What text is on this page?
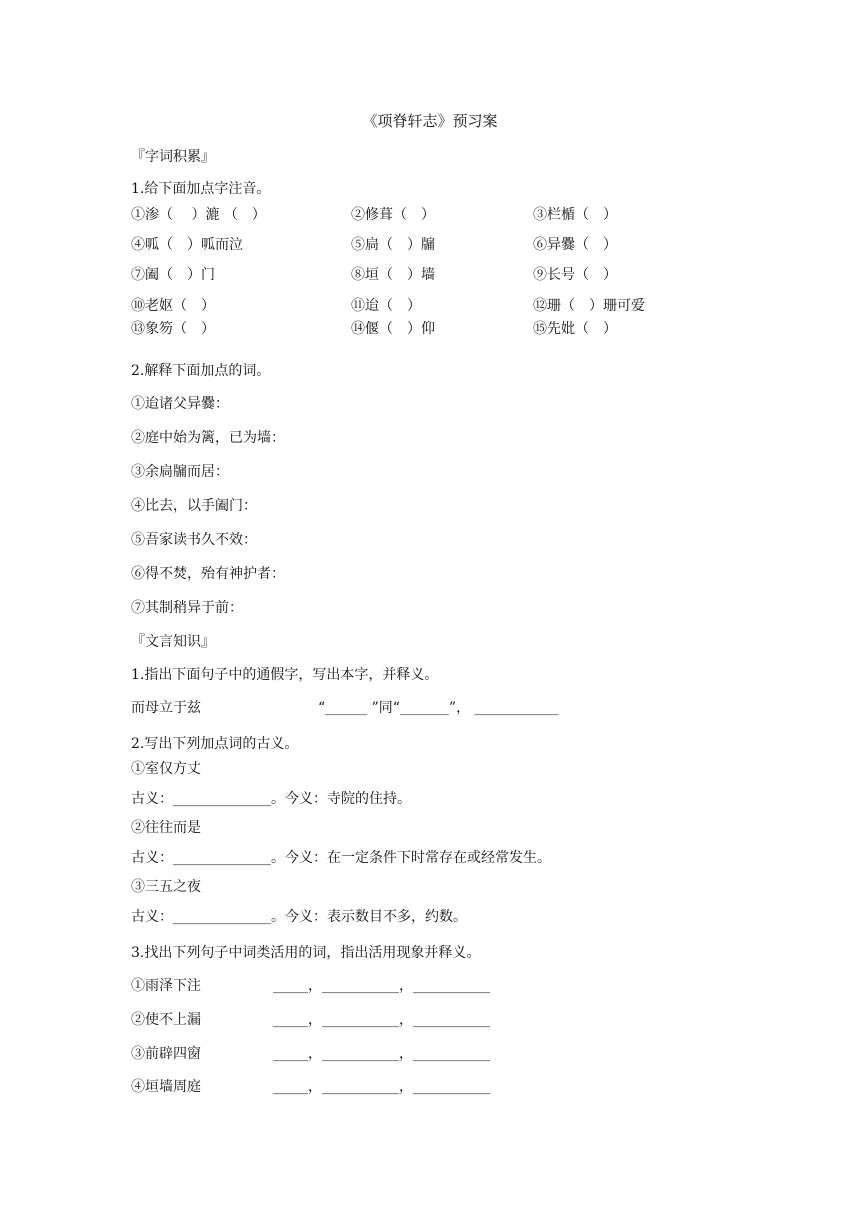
《项脊轩志》预习案
『字词积累』
1.给下面加点字注音。
①渗（　 ）漉 （　）	②修葺（　）	③栏楯（　）
④呱（　）呱而泣	⑤扃（　）牖	⑥异爨（　）
⑦阖（　）门	⑧垣（　）墙	⑨长号（　）
⑩老妪（　）	⑪迨（　）	⑫珊（　）珊可爱
⑬象笏（　）	⑭偃（　）仰	⑮先妣（　）
2.解释下面加点的词。
①迨诸父异爨：
②庭中始为篱，已为墙：
③余扃牖而居：
④比去，以手阖门：
⑤吾家读书久不效：
⑥得不焚，殆有神护者：
⑦其制稍异于前：
『文言知识』
1.指出下面句子中的通假字，写出本字，并释义。
而母立于兹	“______ ”同“_______”， ____________
2.写出下列加点词的古义。
①室仅方丈
古义：______________。今义：寺院的住持。
②往往而是
古义：______________。今义：在一定条件下时常存在或经常发生。
③三五之夜
古义：______________。今义：表示数目不多，约数。
3.找出下列句子中词类活用的词，指出活用现象并释义。
①雨泽下注	_____，___________，___________
②使不上漏	_____，___________，___________
③前辟四窗	_____，___________，___________
④垣墙周庭	_____，___________，___________
